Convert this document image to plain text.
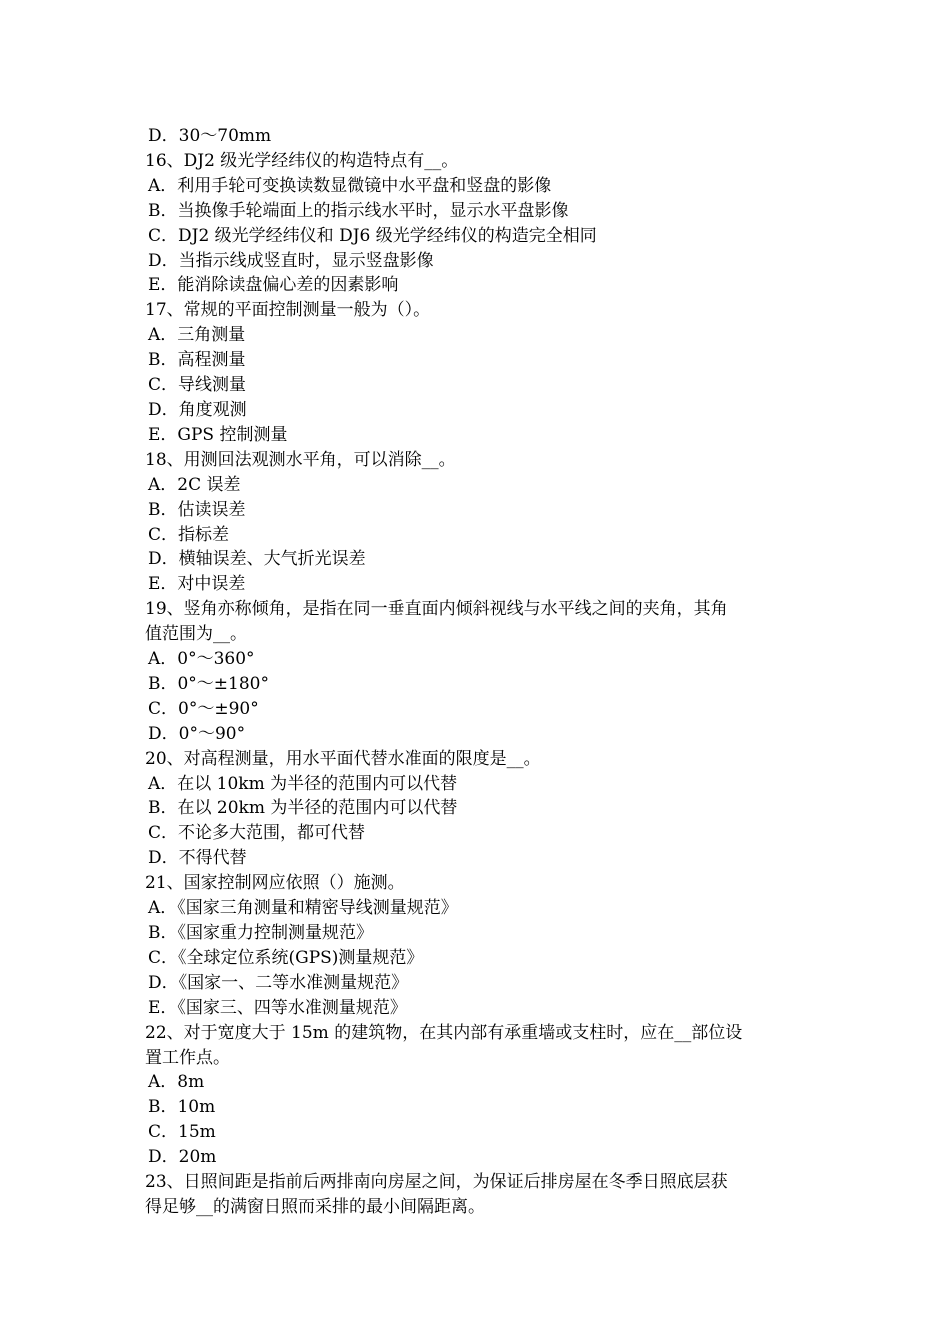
D．30～70mm
16、DJ2 级光学经纬仪的构造特点有__。
A．利用手轮可变换读数显微镜中水平盘和竖盘的影像
B．当换像手轮端面上的指示线水平时，显示水平盘影像
C．DJ2 级光学经纬仪和 DJ6 级光学经纬仪的构造完全相同
D．当指示线成竖直时，显示竖盘影像
E．能消除读盘偏心差的因素影响
17、常规的平面控制测量一般为（）。
A．三角测量
B．高程测量
C．导线测量
D．角度观测
E．GPS 控制测量
18、用测回法观测水平角，可以消除__。
A．2C 误差
B．估读误差
C．指标差
D．横轴误差、大气折光误差
E．对中误差
19、竖角亦称倾角，是指在同一垂直面内倾斜视线与水平线之间的夹角，其角
值范围为__。
A．0°～360°
B．0°～±180°
C．0°～±90°
D．0°～90°
20、对高程测量，用水平面代替水准面的限度是__。
A．在以 10km 为半径的范围内可以代替
B．在以 20km 为半径的范围内可以代替
C．不论多大范围，都可代替
D．不得代替
21、国家控制网应依照（）施测。
A．《国家三角测量和精密导线测量规范》
B．《国家重力控制测量规范》
C．《全球定位系统(GPS)测量规范》
D．《国家一、二等水准测量规范》
E．《国家三、四等水准测量规范》
22、对于宽度大于 15m 的建筑物，在其内部有承重墙或支柱时，应在__部位设
置工作点。
A．8m
B．10m
C．15m
D．20m
23、日照间距是指前后两排南向房屋之间，为保证后排房屋在冬季日照底层获
得足够__的满窗日照而采排的最小间隔距离。
